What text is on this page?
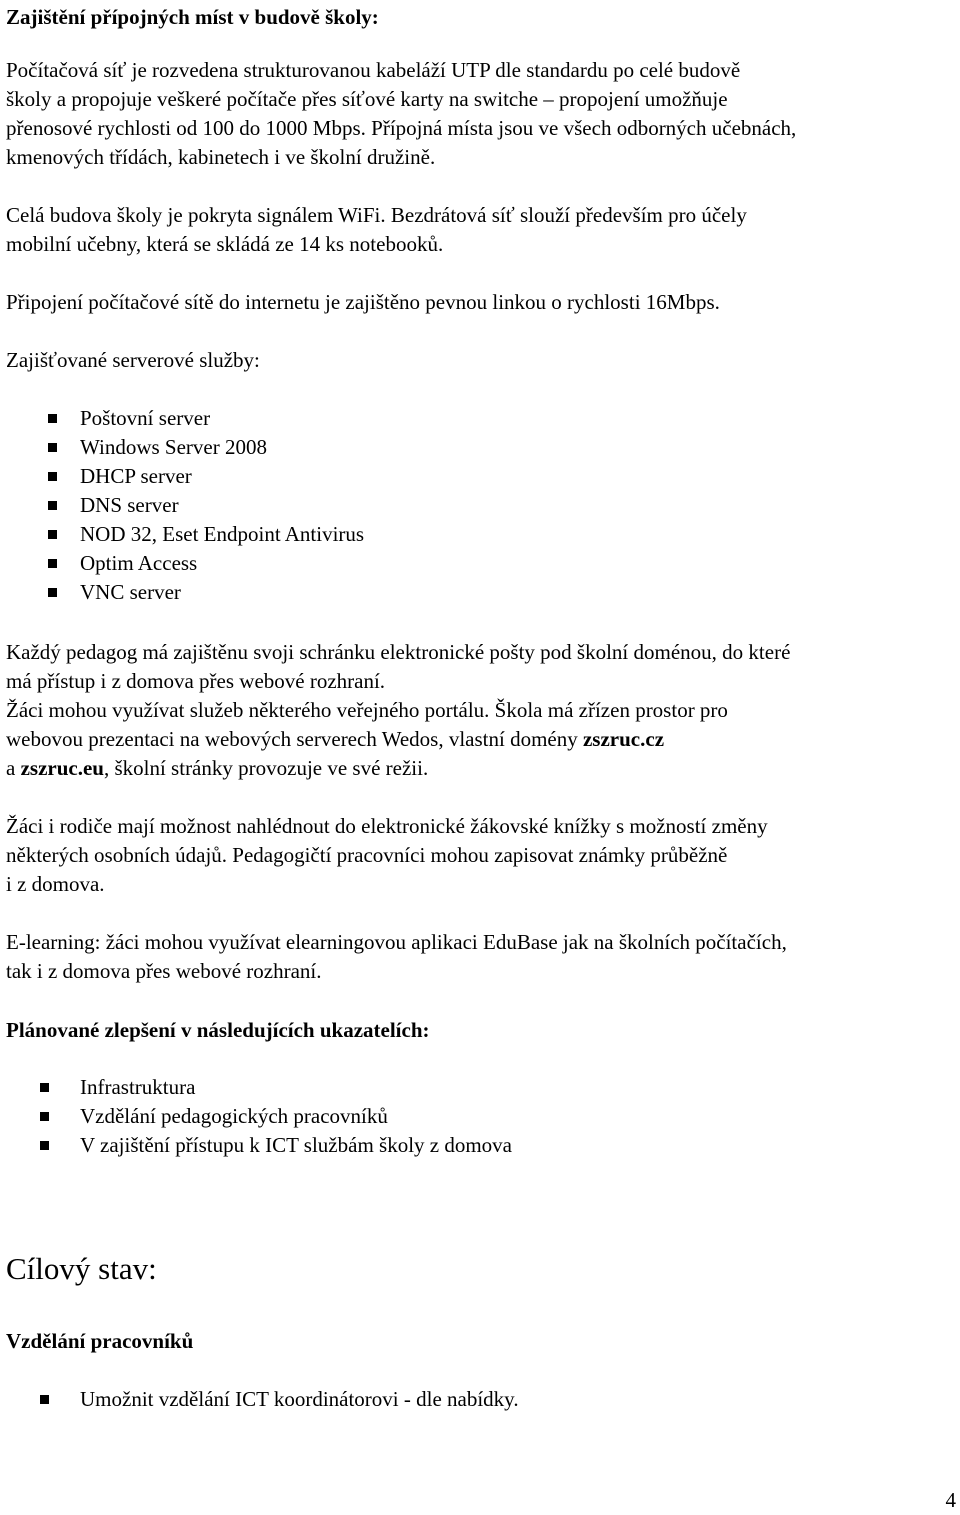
Zajištění přípojných míst v budově školy:

Počítačová síť je rozvedena strukturovanou kabeláží UTP dle standardu po celé budově
školy a propojuje veškeré počítače přes síťové karty na switche – propojení umožňuje
přenosové rychlosti od 100 do 1000 Mbps. Přípojná místa jsou ve všech odborných učebnách,
kmenových třídách, kabinetech i ve školní družině.

Celá budova školy je pokryta signálem WiFi. Bezdrátová síť slouží především pro účely
mobilní učebny, která se skládá ze 14 ks notebooků.

Připojení počítačové sítě do internetu je zajištěno pevnou linkou o rychlosti 16Mbps.

Zajišťované serverové služby:

Poštovní server
Windows Server 2008
DHCP server
DNS server
NOD 32, Eset Endpoint Antivirus
Optim Access
VNC server

Každý pedagog má zajištěnu svoji schránku elektronické pošty pod školní doménou, do které
má přístup i z domova přes webové rozhraní.
Žáci mohou využívat služeb některého veřejného portálu. Škola má zřízen prostor pro
webovou prezentaci na webových serverech Wedos, vlastní domény zszruc.cz
a zszruc.eu, školní stránky provozuje ve své režii.

Žáci i rodiče mají možnost nahlédnout do elektronické žákovské knížky s možností změny
některých osobních údajů. Pedagogičtí pracovníci mohou zapisovat známky průběžně
i z domova.

E-learning: žáci mohou využívat elearningovou aplikaci EduBase jak na školních počítačích,
tak i z domova přes webové rozhraní.

Plánované zlepšení v následujících ukazatelích:

Infrastruktura
Vzdělání pedagogických pracovníků
V zajištění přístupu k ICT službám školy z domova

Cílový stav:

Vzdělání pracovníků

Umožnit vzdělání ICT koordinátorovi - dle nabídky.
4
